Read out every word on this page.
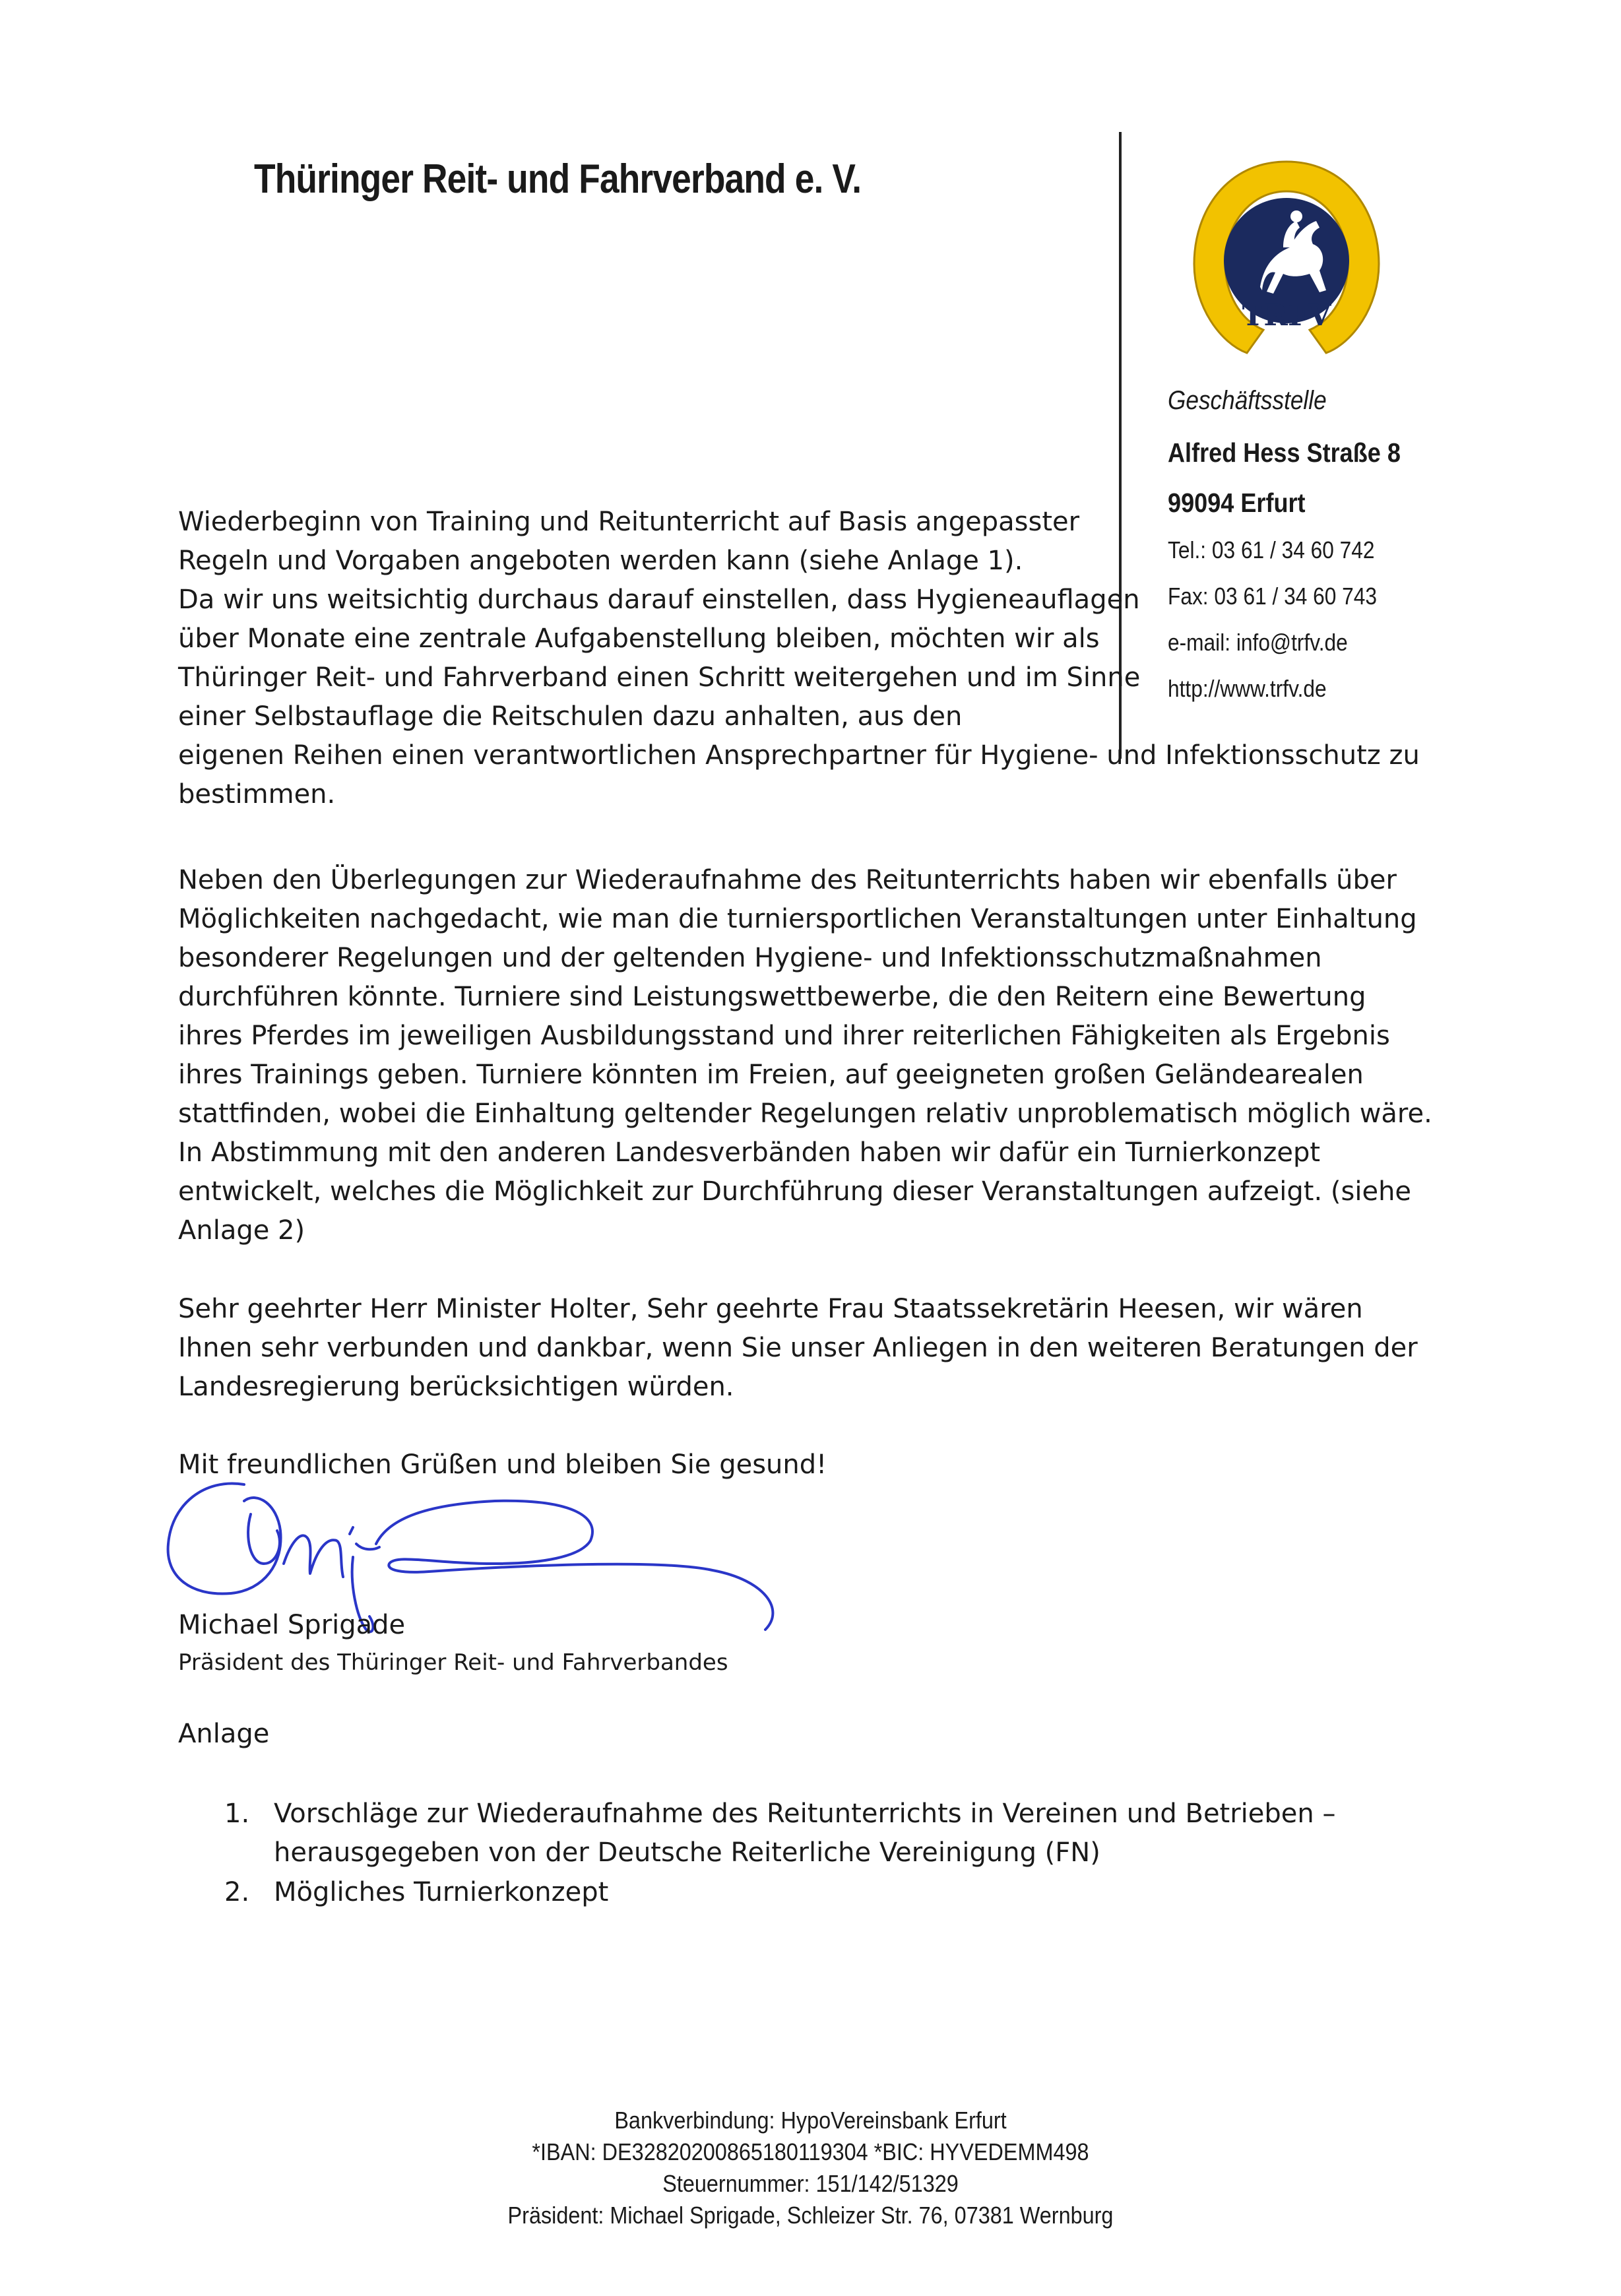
Thüringer Reit- und Fahrverband e. V.
TRFV
Geschäftsstelle
Alfred Hess Straße 8
99094 Erfurt
Tel.: 03 61 / 34 60 742
Fax: 03 61 / 34 60 743
e-mail: info@trfv.de
http://www.trfv.de
Wiederbeginn von Training und Reitunterricht auf Basis angepasster
Regeln und Vorgaben angeboten werden kann (siehe Anlage 1).
Da wir uns weitsichtig durchaus darauf einstellen, dass Hygieneauflagen
über Monate eine zentrale Aufgabenstellung bleiben, möchten wir als
Thüringer Reit- und Fahrverband einen Schritt weitergehen und im Sinne
einer Selbstauflage die Reitschulen dazu anhalten, aus den
eigenen Reihen einen verantwortlichen Ansprechpartner für Hygiene- und Infektionsschutz zu
bestimmen.
Neben den Überlegungen zur Wiederaufnahme des Reitunterrichts haben wir ebenfalls über Möglichkeiten nachgedacht, wie man die turniersportlichen Veranstaltungen unter Einhaltung besonderer Regelungen und der geltenden Hygiene- und Infektionsschutzmaßnahmen durchführen könnte. Turniere sind Leistungswettbewerbe, die den Reitern eine Bewertung ihres Pferdes im jeweiligen Ausbildungsstand und ihrer reiterlichen Fähigkeiten als Ergebnis ihres Trainings geben. Turniere könnten im Freien, auf geeigneten großen Geländearealen stattfinden, wobei die Einhaltung geltender Regelungen relativ unproblematisch möglich wäre. In Abstimmung mit den anderen Landesverbänden haben wir dafür ein Turnierkonzept entwickelt, welches die Möglichkeit zur Durchführung dieser Veranstaltungen aufzeigt. (siehe Anlage 2)
Sehr geehrter Herr Minister Holter, Sehr geehrte Frau Staatssekretärin Heesen, wir wären Ihnen sehr verbunden und dankbar, wenn Sie unser Anliegen in den weiteren Beratungen der Landesregierung berücksichtigen würden.
Mit freundlichen Grüßen und bleiben Sie gesund!
Michael Sprigade
Präsident des Thüringer Reit- und Fahrverbandes
Anlage
1. Vorschläge zur Wiederaufnahme des Reitunterrichts in Vereinen und Betrieben – herausgegeben von der Deutsche Reiterliche Vereinigung (FN)
2. Mögliches Turnierkonzept
Bankverbindung: HypoVereinsbank Erfurt
*IBAN: DE32820200865180119304 *BIC: HYVEDEMM498
Steuernummer: 151/142/51329
Präsident: Michael Sprigade, Schleizer Str. 76, 07381 Wernburg
